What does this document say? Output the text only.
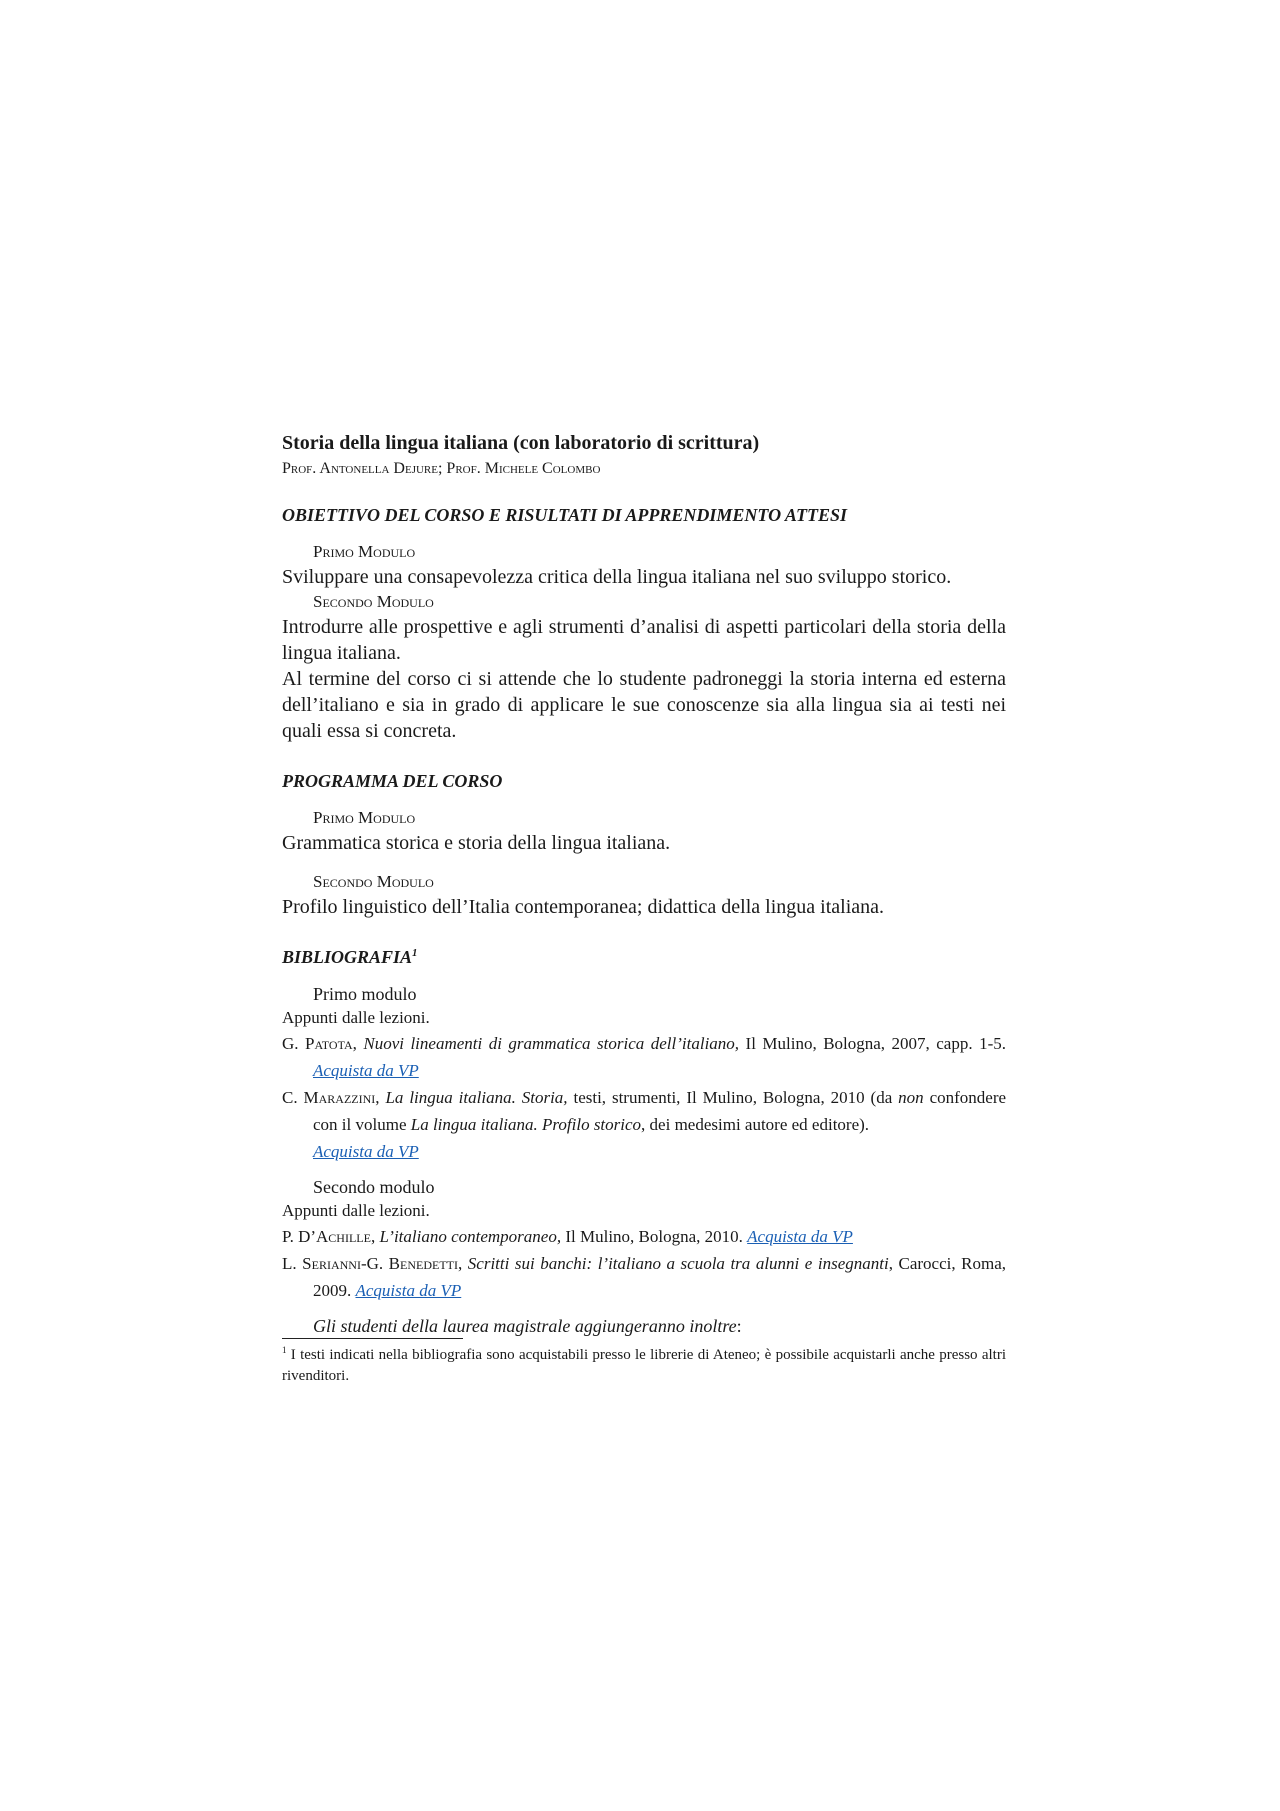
Storia della lingua italiana (con laboratorio di scrittura)

Prof. Antonella Dejure; Prof. Michele Colombo

OBIETTIVO DEL CORSO E RISULTATI DI APPRENDIMENTO ATTESI

Primo Modulo

Sviluppare una consapevolezza critica della lingua italiana nel suo sviluppo storico.

Secondo Modulo

Introdurre alle prospettive e agli strumenti d’analisi di aspetti particolari della storia della lingua italiana.

Al termine del corso ci si attende che lo studente padroneggi la storia interna ed esterna dell’italiano e sia in grado di applicare le sue conoscenze sia alla lingua sia ai testi nei quali essa si concreta.

PROGRAMMA DEL CORSO

Primo Modulo

Grammatica storica e storia della lingua italiana.

Secondo Modulo

Profilo linguistico dell’Italia contemporanea; didattica della lingua italiana.

BIBLIOGRAFIA$^1$

Primo modulo

Appunti dalle lezioni.

G. Patota, Nuovi lineamenti di grammatica storica dell’italiano, Il Mulino, Bologna, 2007, capp. 1-5. Acquista da VP

C. Marazzini, La lingua italiana. Storia, testi, strumenti, Il Mulino, Bologna, 2010 (da non confondere con il volume La lingua italiana. Profilo storico, dei medesimi autore ed editore).
Acquista da VP

Secondo modulo

Appunti dalle lezioni.

P. D’Achille, L’italiano contemporaneo, Il Mulino, Bologna, 2010. Acquista da VP

L. Serianni-G. Benedetti, Scritti sui banchi: l’italiano a scuola tra alunni e insegnanti, Carocci, Roma, 2009. Acquista da VP

Gli studenti della laurea magistrale aggiungeranno inoltre:

$^1$ I testi indicati nella bibliografia sono acquistabili presso le librerie di Ateneo; è possibile acquistarli anche presso altri rivenditori.
